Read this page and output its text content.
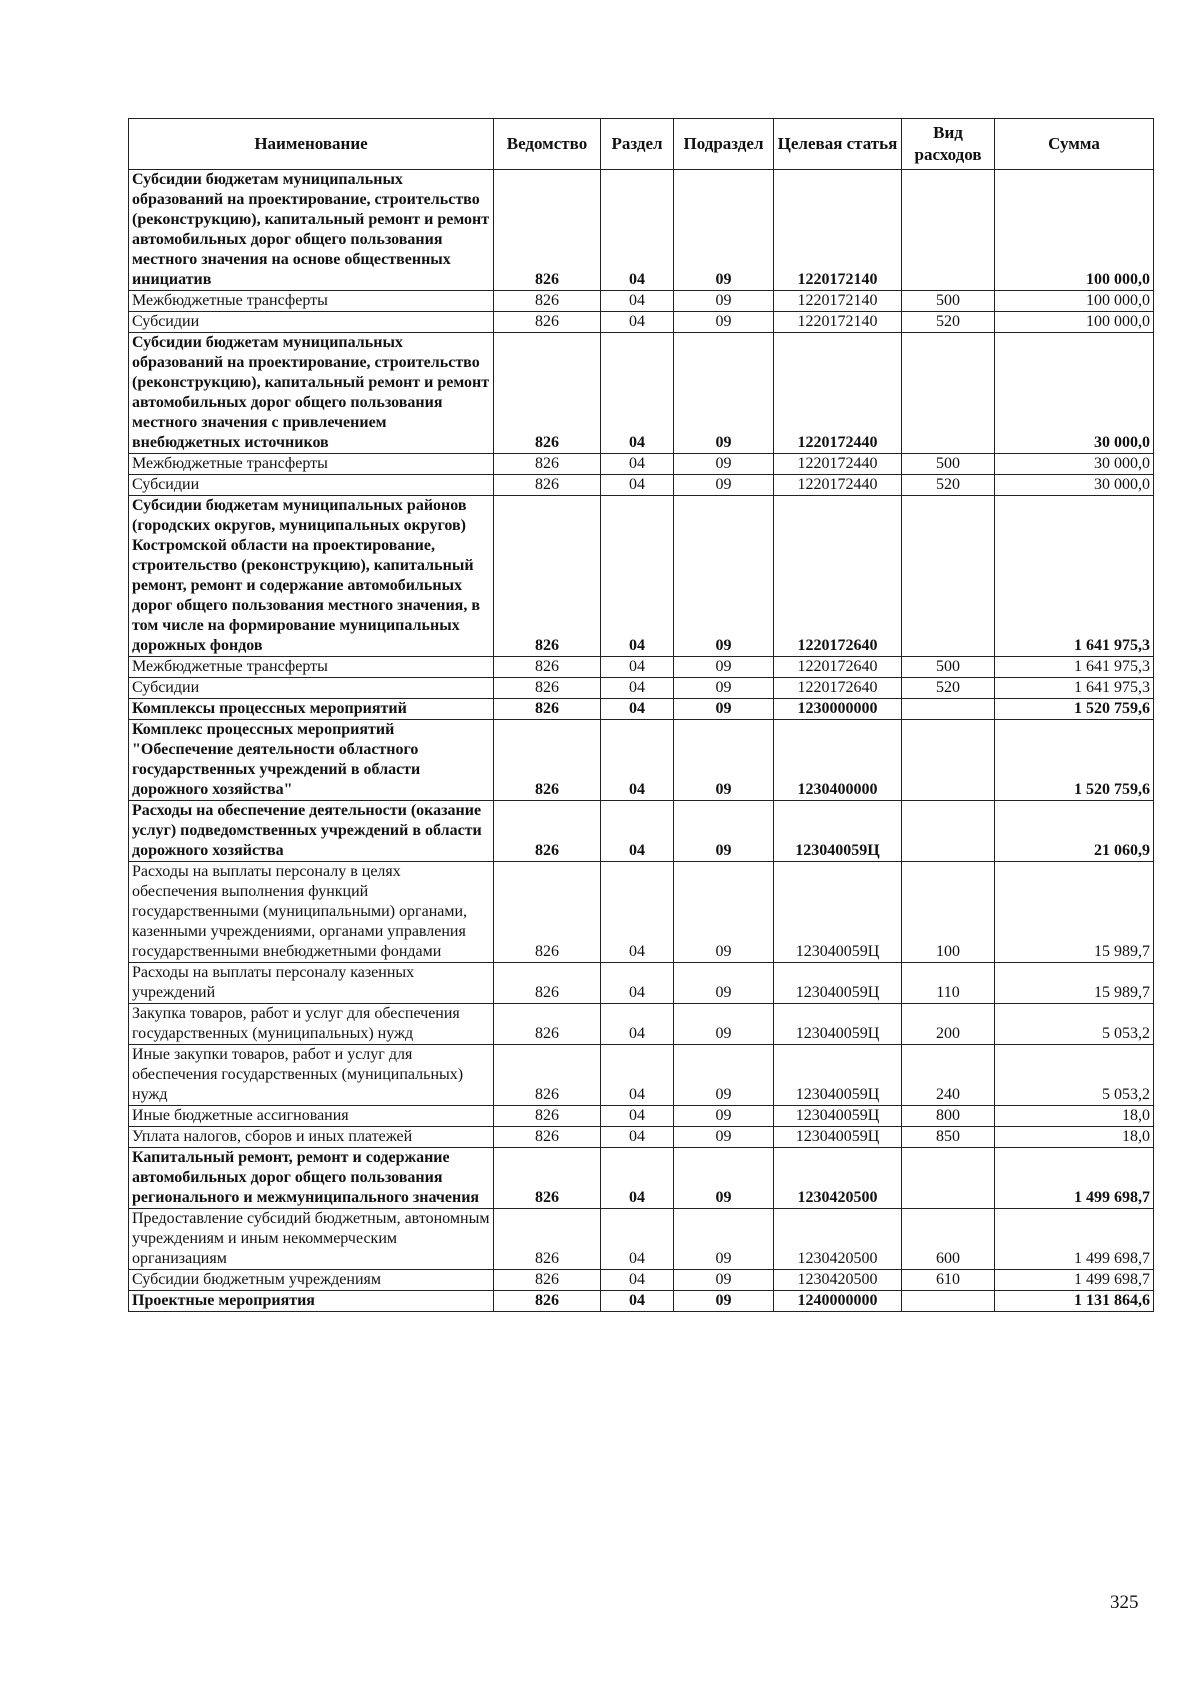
Наименование	Ведомство	Раздел	Подраздел	Целевая статья	Вид расходов	Сумма
Субсидии бюджетам муниципальных образований на проектирование, строительство (реконструкцию), капитальный ремонт и ремонт автомобильных дорог общего пользования местного значения на основе общественных инициатив	826	04	09	1220172140		100 000,0
Межбюджетные трансферты	826	04	09	1220172140	500	100 000,0
Субсидии	826	04	09	1220172140	520	100 000,0
Субсидии бюджетам муниципальных образований на проектирование, строительство (реконструкцию), капитальный ремонт и ремонт автомобильных дорог общего пользования местного значения с привлечением внебюджетных источников	826	04	09	1220172440		30 000,0
Межбюджетные трансферты	826	04	09	1220172440	500	30 000,0
Субсидии	826	04	09	1220172440	520	30 000,0
Субсидии бюджетам муниципальных районов (городских округов, муниципальных округов) Костромской области на проектирование, строительство (реконструкцию), капитальный ремонт, ремонт и содержание автомобильных дорог общего пользования местного значения, в том числе на формирование муниципальных дорожных фондов	826	04	09	1220172640		1 641 975,3
Межбюджетные трансферты	826	04	09	1220172640	500	1 641 975,3
Субсидии	826	04	09	1220172640	520	1 641 975,3
Комплексы процессных мероприятий	826	04	09	1230000000		1 520 759,6
Комплекс процессных мероприятий "Обеспечение деятельности областного государственных учреждений в области дорожного хозяйства"	826	04	09	1230400000		1 520 759,6
Расходы на обеспечение деятельности (оказание услуг) подведомственных учреждений в области дорожного хозяйства	826	04	09	123040059Ц		21 060,9
Расходы на выплаты персоналу в целях обеспечения выполнения функций государственными (муниципальными) органами, казенными учреждениями, органами управления государственными внебюджетными фондами	826	04	09	123040059Ц	100	15 989,7
Расходы на выплаты персоналу казенных учреждений	826	04	09	123040059Ц	110	15 989,7
Закупка товаров, работ и услуг для обеспечения государственных (муниципальных) нужд	826	04	09	123040059Ц	200	5 053,2
Иные закупки товаров, работ и услуг для обеспечения государственных (муниципальных) нужд	826	04	09	123040059Ц	240	5 053,2
Иные бюджетные ассигнования	826	04	09	123040059Ц	800	18,0
Уплата налогов, сборов и иных платежей	826	04	09	123040059Ц	850	18,0
Капитальный ремонт, ремонт и содержание автомобильных дорог общего пользования регионального и межмуниципального значения	826	04	09	1230420500		1 499 698,7
Предоставление субсидий бюджетным, автономным учреждениям и иным некоммерческим организациям	826	04	09	1230420500	600	1 499 698,7
Субсидии бюджетным учреждениям	826	04	09	1230420500	610	1 499 698,7
Проектные мероприятия	826	04	09	1240000000		1 131 864,6
325
